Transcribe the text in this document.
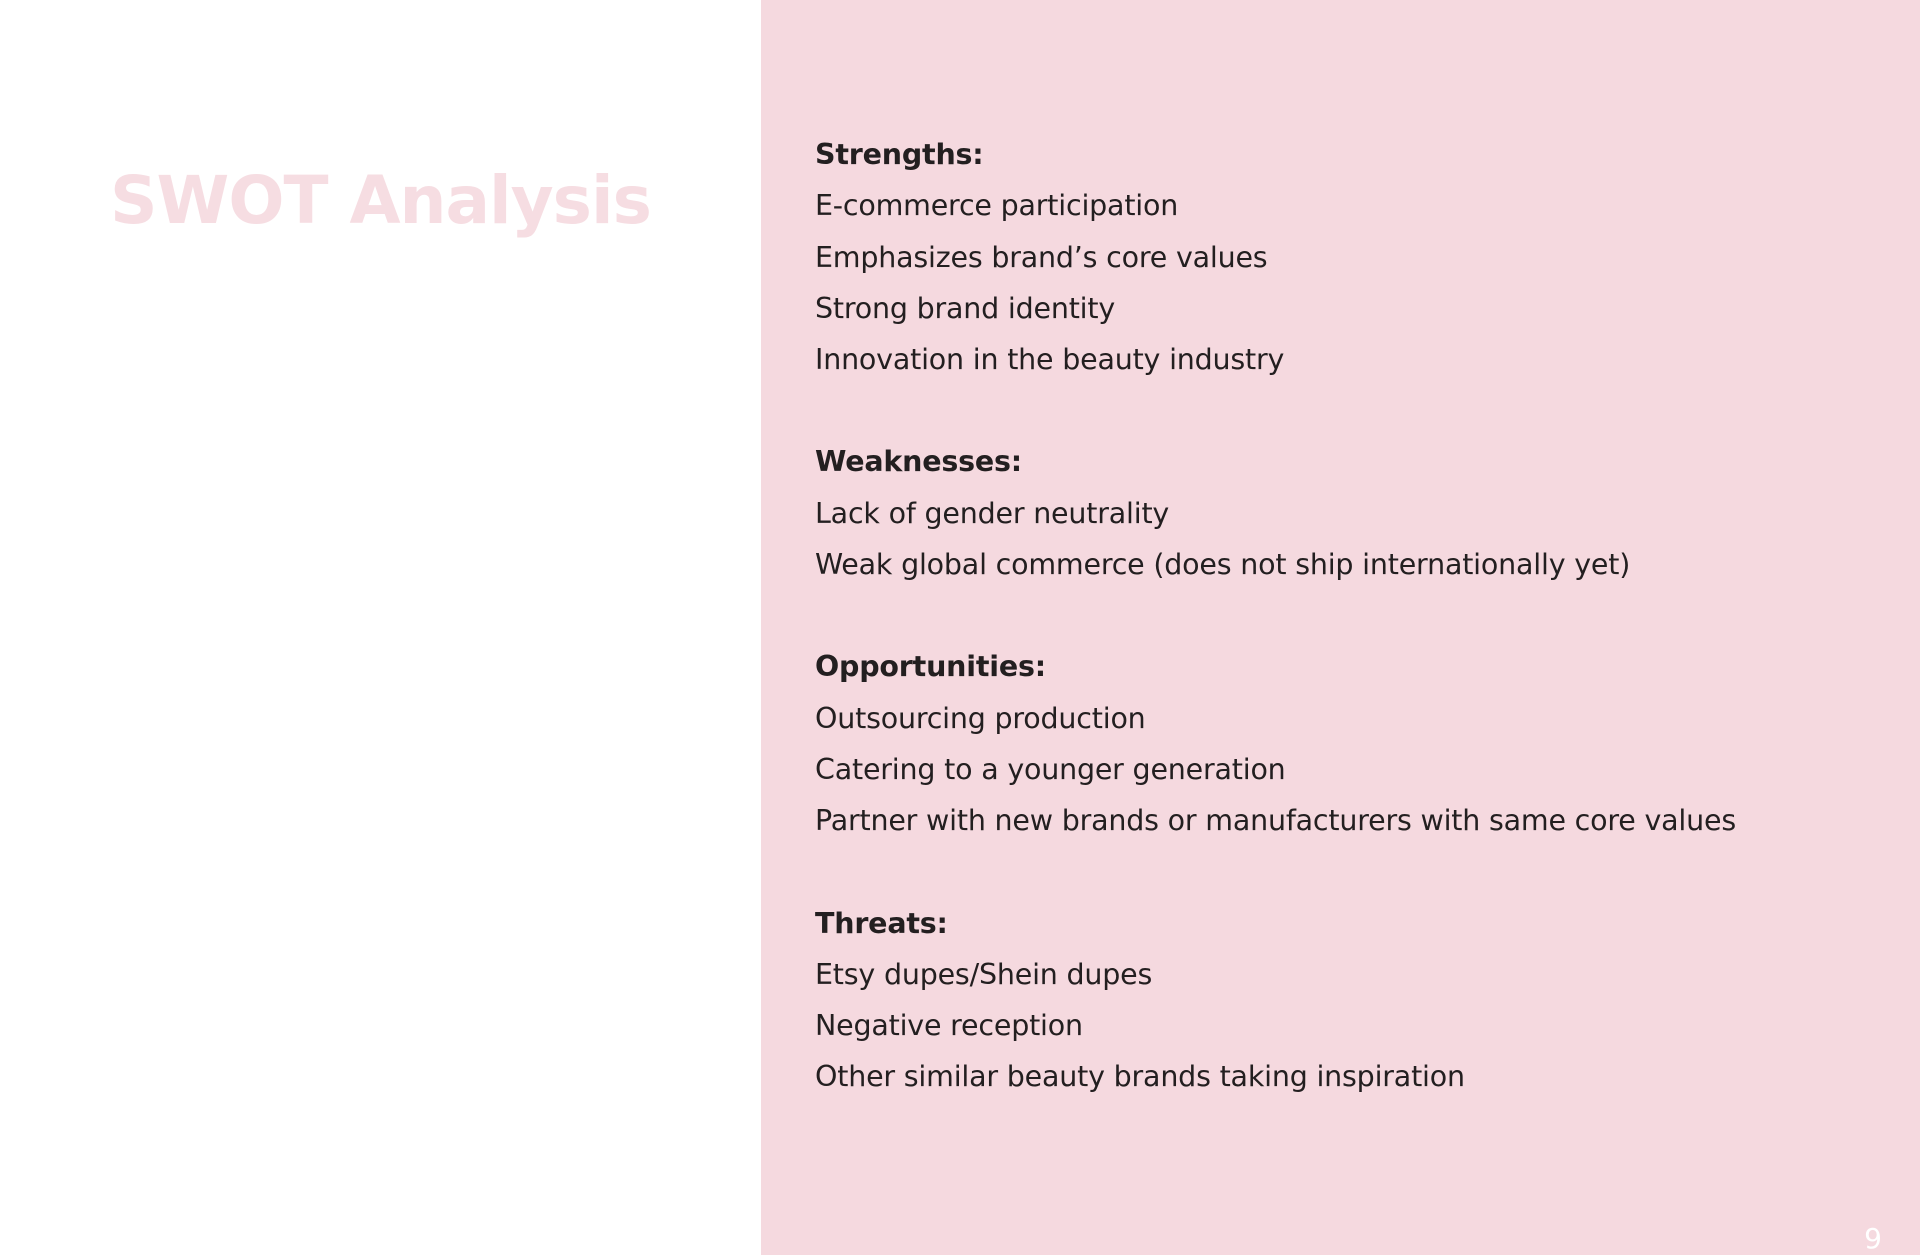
SWOT Analysis

Strengths:

E-commerce participation

Emphasizes brand’s core values

Strong brand identity

Innovation in the beauty industry

Weaknesses:

Lack of gender neutrality

Weak global commerce (does not ship internationally yet)

Opportunities:

Outsourcing production

Catering to a younger generation

Partner with new brands or manufacturers with same core values

Threats:

Etsy dupes/Shein dupes

Negative reception

Other similar beauty brands taking inspiration

9
